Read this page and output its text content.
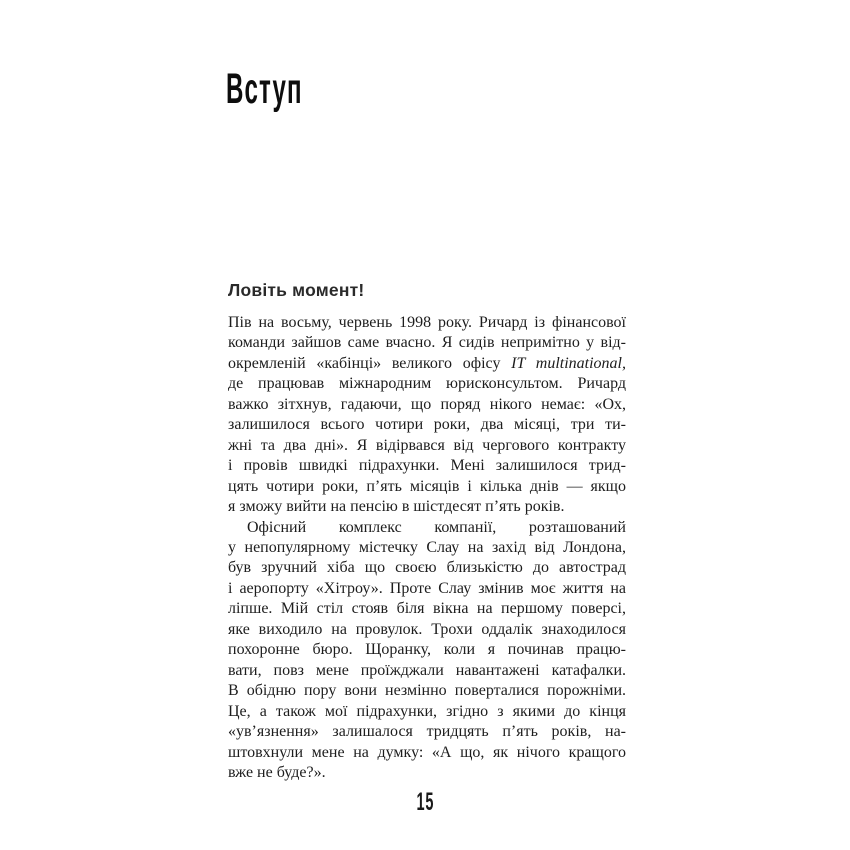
Вступ
Ловіть момент!
Пів на восьму, червень 1998 року. Ричард із фінансової
команди зайшов саме вчасно. Я сидів непримітно у від-
окремленій «кабінці» великого офісу IT multinational,
де працював міжнародним юрисконсультом. Ричард
важко зітхнув, гадаючи, що поряд нікого немає: «Ох,
залишилося всього чотири роки, два місяці, три ти-
жні та два дні». Я відірвався від чергового контракту
і провів швидкі підрахунки. Мені залишилося трид-
цять чотири роки, п’ять місяців і кілька днів — якщо
я зможу вийти на пенсію в шістдесят п’ять років.
Офісний комплекс компанії, розташований
у непопулярному містечку Слау на захід від Лондона,
був зручний хіба що своєю близькістю до автострад
і аеропорту «Хітроу». Проте Слау змінив моє життя на
ліпше. Мій стіл стояв біля вікна на першому поверсі,
яке виходило на провулок. Трохи оддалік знаходилося
похоронне бюро. Щоранку, коли я починав працю-
вати, повз мене проїжджали навантажені катафалки.
В обідню пору вони незмінно поверталися порожніми.
Це, а також мої підрахунки, згідно з якими до кінця
«ув’язнення» залишалося тридцять п’ять років, на-
штовхнули мене на думку: «А що, як нічого кращого
вже не буде?».
15
